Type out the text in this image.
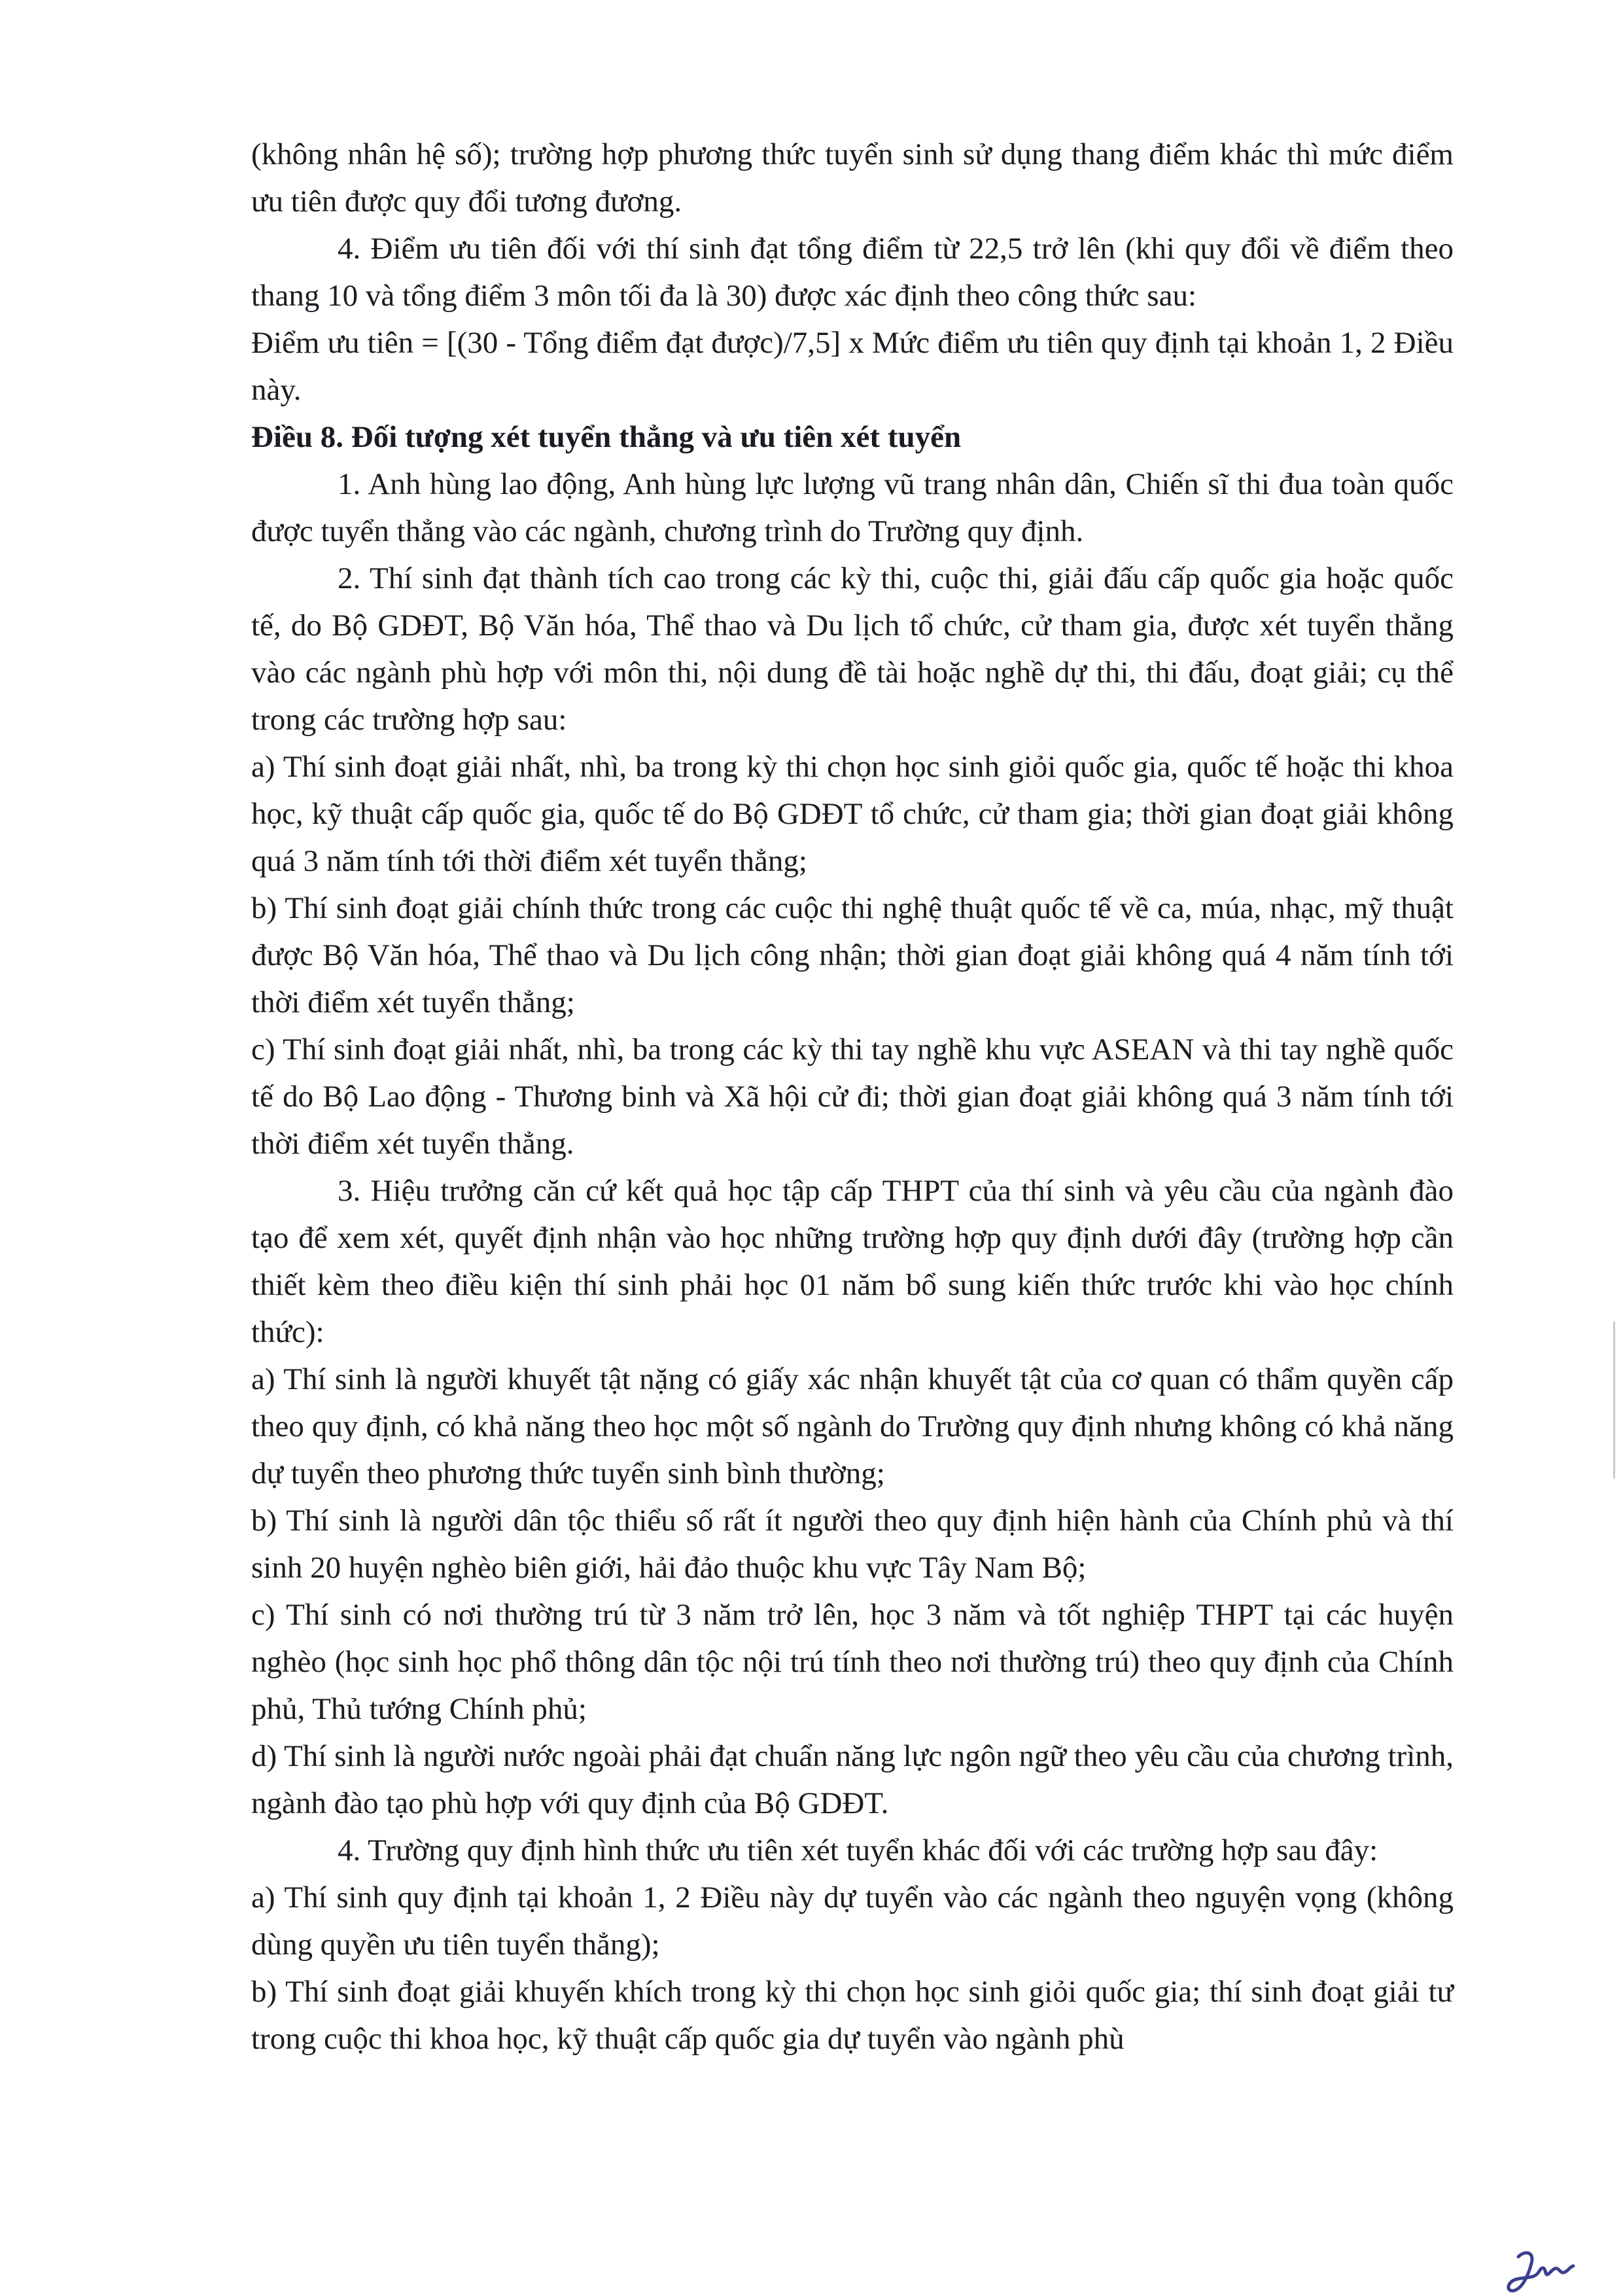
(không nhân hệ số); trường hợp phương thức tuyển sinh sử dụng thang điểm khác thì mức điểm ưu tiên được quy đổi tương đương.

4. Điểm ưu tiên đối với thí sinh đạt tổng điểm từ 22,5 trở lên (khi quy đổi về điểm theo thang 10 và tổng điểm 3 môn tối đa là 30) được xác định theo công thức sau:

Điểm ưu tiên = [(30 - Tổng điểm đạt được)/7,5] x Mức điểm ưu tiên quy định tại khoản 1, 2 Điều này.

Điều 8. Đối tượng xét tuyển thẳng và ưu tiên xét tuyển

1. Anh hùng lao động, Anh hùng lực lượng vũ trang nhân dân, Chiến sĩ thi đua toàn quốc được tuyển thẳng vào các ngành, chương trình do Trường quy định.

2. Thí sinh đạt thành tích cao trong các kỳ thi, cuộc thi, giải đấu cấp quốc gia hoặc quốc tế, do Bộ GDĐT, Bộ Văn hóa, Thể thao và Du lịch tổ chức, cử tham gia, được xét tuyển thẳng vào các ngành phù hợp với môn thi, nội dung đề tài hoặc nghề dự thi, thi đấu, đoạt giải; cụ thể trong các trường hợp sau:

a) Thí sinh đoạt giải nhất, nhì, ba trong kỳ thi chọn học sinh giỏi quốc gia, quốc tế hoặc thi khoa học, kỹ thuật cấp quốc gia, quốc tế do Bộ GDĐT tổ chức, cử tham gia; thời gian đoạt giải không quá 3 năm tính tới thời điểm xét tuyển thẳng;

b) Thí sinh đoạt giải chính thức trong các cuộc thi nghệ thuật quốc tế về ca, múa, nhạc, mỹ thuật được Bộ Văn hóa, Thể thao và Du lịch công nhận; thời gian đoạt giải không quá 4 năm tính tới thời điểm xét tuyển thẳng;

c) Thí sinh đoạt giải nhất, nhì, ba trong các kỳ thi tay nghề khu vực ASEAN và thi tay nghề quốc tế do Bộ Lao động - Thương binh và Xã hội cử đi; thời gian đoạt giải không quá 3 năm tính tới thời điểm xét tuyển thẳng.

3. Hiệu trưởng căn cứ kết quả học tập cấp THPT của thí sinh và yêu cầu của ngành đào tạo để xem xét, quyết định nhận vào học những trường hợp quy định dưới đây (trường hợp cần thiết kèm theo điều kiện thí sinh phải học 01 năm bổ sung kiến thức trước khi vào học chính thức):

a) Thí sinh là người khuyết tật nặng có giấy xác nhận khuyết tật của cơ quan có thẩm quyền cấp theo quy định, có khả năng theo học một số ngành do Trường quy định nhưng không có khả năng dự tuyển theo phương thức tuyển sinh bình thường;

b) Thí sinh là người dân tộc thiểu số rất ít người theo quy định hiện hành của Chính phủ và thí sinh 20 huyện nghèo biên giới, hải đảo thuộc khu vực Tây Nam Bộ;

c) Thí sinh có nơi thường trú từ 3 năm trở lên, học 3 năm và tốt nghiệp THPT tại các huyện nghèo (học sinh học phổ thông dân tộc nội trú tính theo nơi thường trú) theo quy định của Chính phủ, Thủ tướng Chính phủ;

d) Thí sinh là người nước ngoài phải đạt chuẩn năng lực ngôn ngữ theo yêu cầu của chương trình, ngành đào tạo phù hợp với quy định của Bộ GDĐT.

4. Trường quy định hình thức ưu tiên xét tuyển khác đối với các trường hợp sau đây:

a) Thí sinh quy định tại khoản 1, 2 Điều này dự tuyển vào các ngành theo nguyện vọng (không dùng quyền ưu tiên tuyển thẳng);

b) Thí sinh đoạt giải khuyến khích trong kỳ thi chọn học sinh giỏi quốc gia; thí sinh đoạt giải tư trong cuộc thi khoa học, kỹ thuật cấp quốc gia dự tuyển vào ngành phù
